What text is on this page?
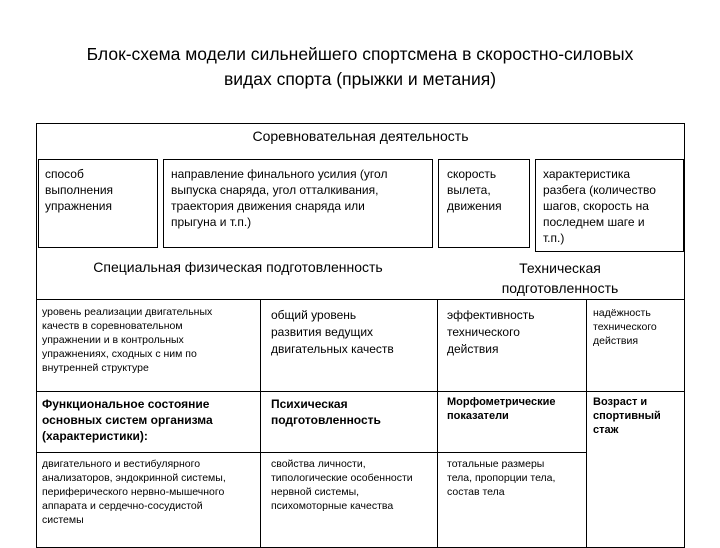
Блок-схема модели сильнейшего спортсмена в скоростно-силовых
видах спорта (прыжки и метания)
Соревновательная деятельность
способ
выполнения
упражнения
направление финального усилия (угол
выпуска снаряда, угол отталкивания,
траектория движения снаряда или
прыгуна и т.п.)
скорость
вылета,
движения
характеристика
разбега (количество
шагов, скорость на
последнем шаге и
т.п.)
Специальная физическая подготовленность	Техническая
подготовленность
уровень реализации двигательных
качеств в соревновательном
упражнении и в контрольных
упражнениях, сходных с ним по
внутренней структуре
общий уровень
развития ведущих
двигательных качеств
эффективность
технического
действия
надёжность
технического
действия
Функциональное состояние
основных систем организма
(характеристики):
Психическая
подготовленность
Морфометрические
показатели
Возраст и
спортивный
стаж
двигательного и вестибулярного
анализаторов, эндокринной системы,
периферического нервно-мышечного
аппарата и сердечно-сосудистой
системы
свойства личности,
типологические особенности
нервной системы,
психомоторные качества
тотальные размеры
тела, пропорции тела,
состав тела
